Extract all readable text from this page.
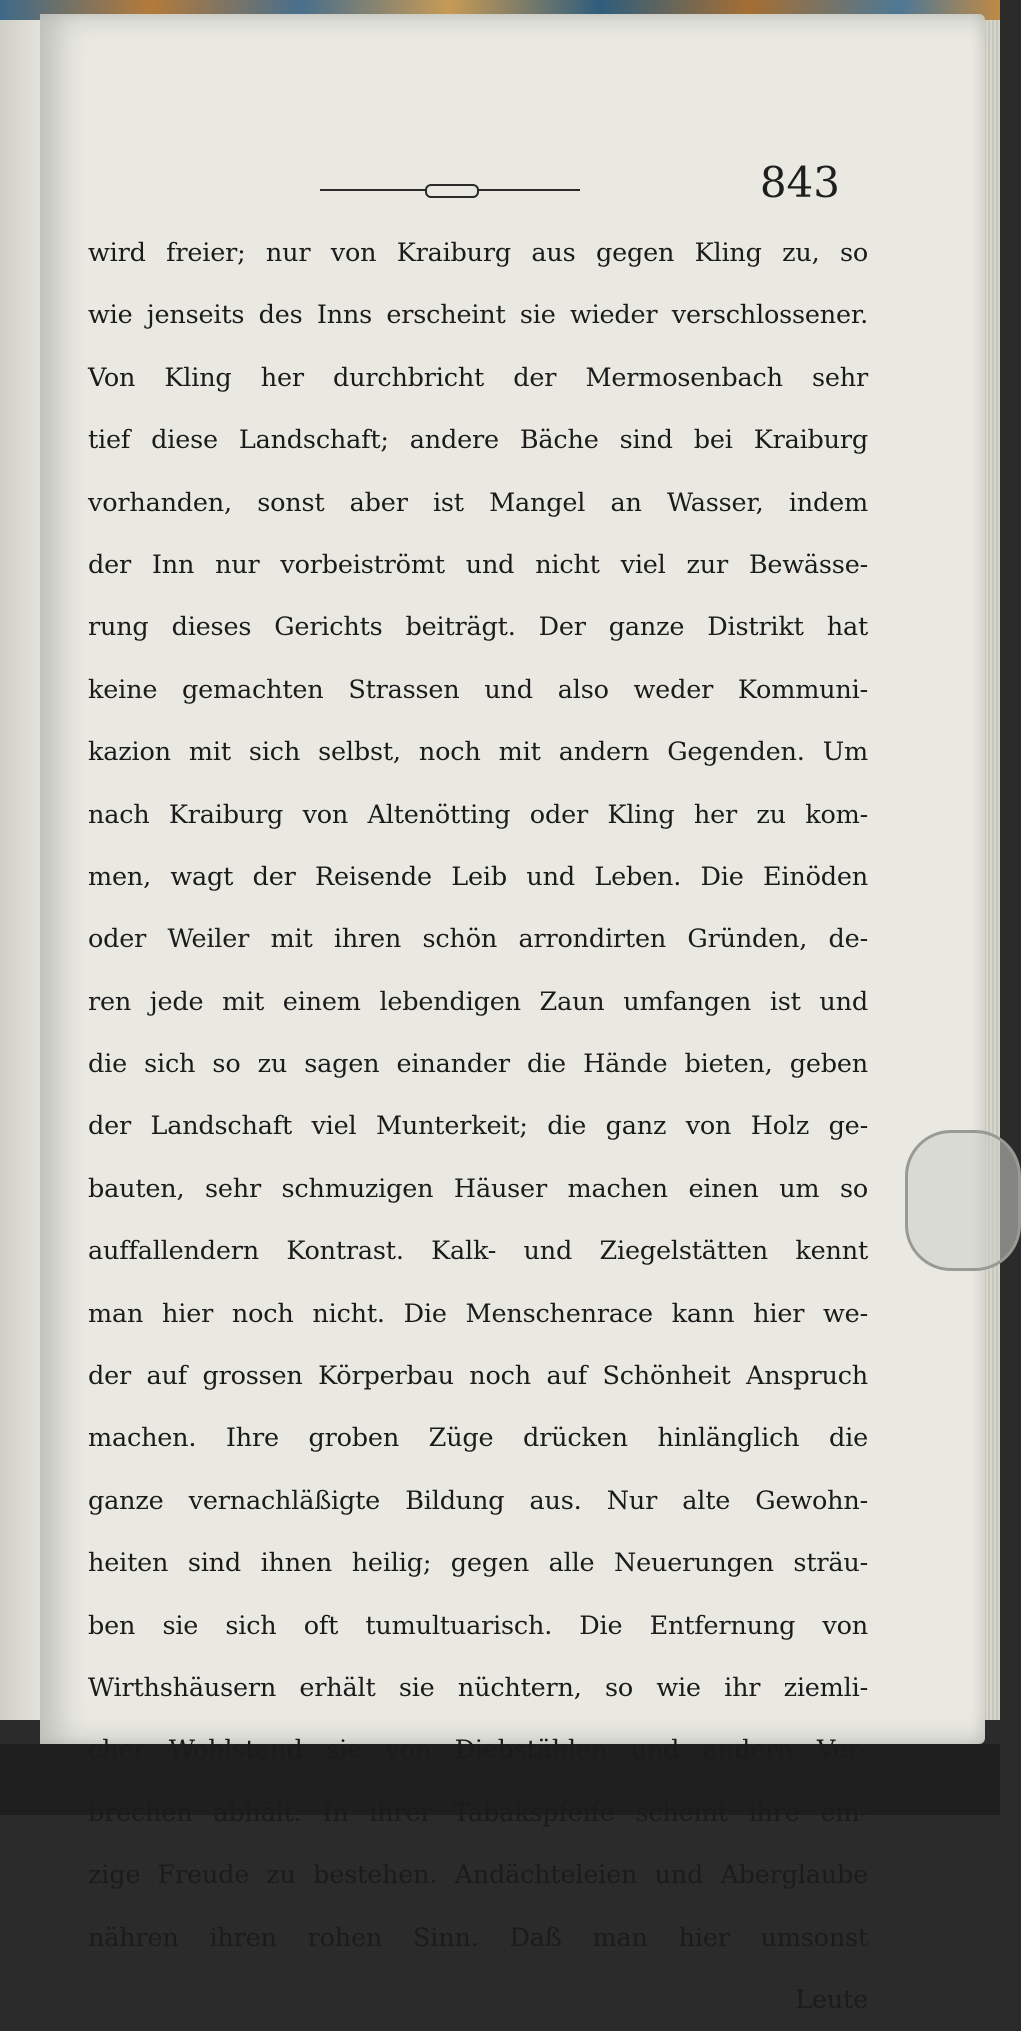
843
wird freier; nur von Kraiburg aus gegen Kling zu, so
wie jenseits des Inns erscheint sie wieder verschlossener.
Von Kling her durchbricht der Mermosenbach sehr
tief diese Landschaft; andere Bäche sind bei Kraiburg
vorhanden, sonst aber ist Mangel an Wasser, indem
der Inn nur vorbeiströmt und nicht viel zur Bewässe-
rung dieses Gerichts beiträgt. Der ganze Distrikt hat
keine gemachten Strassen und also weder Kommuni-
kazion mit sich selbst, noch mit andern Gegenden. Um
nach Kraiburg von Altenötting oder Kling her zu kom-
men, wagt der Reisende Leib und Leben. Die Einöden
oder Weiler mit ihren schön arrondirten Gründen, de-
ren jede mit einem lebendigen Zaun umfangen ist und
die sich so zu sagen einander die Hände bieten, geben
der Landschaft viel Munterkeit; die ganz von Holz ge-
bauten, sehr schmuzigen Häuser machen einen um so
auffallendern Kontrast. Kalk- und Ziegelstätten kennt
man hier noch nicht. Die Menschenrace kann hier we-
der auf grossen Körperbau noch auf Schönheit Anspruch
machen. Ihre groben Züge drücken hinlänglich die
ganze vernachläßigte Bildung aus. Nur alte Gewohn-
heiten sind ihnen heilig; gegen alle Neuerungen sträu-
ben sie sich oft tumultuarisch. Die Entfernung von
Wirthshäusern erhält sie nüchtern, so wie ihr ziemli-
cher Wohlstand sie von Diebstählen und andern Ver-
brechen abhält. In ihrer Tabakspfeife scheint ihre ein-
zige Freude zu bestehen. Andächteleien und Aberglaube
nähren ihren rohen Sinn. Daß man hier umsonst
Leute
